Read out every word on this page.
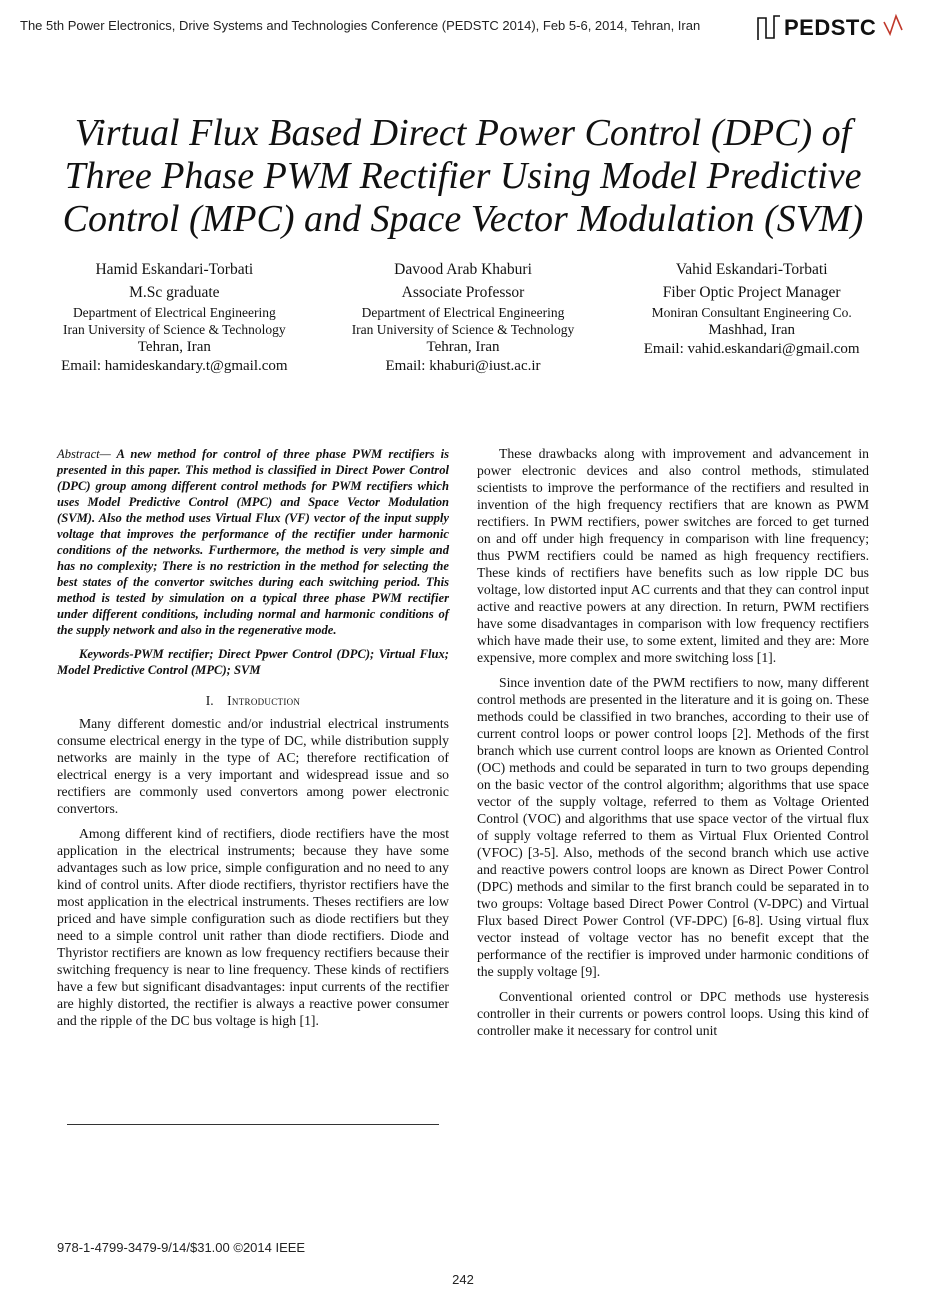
The 5th Power Electronics, Drive Systems and Technologies Conference (PEDSTC 2014), Feb 5-6, 2014, Tehran, Iran	PEDSTC
Virtual Flux Based Direct Power Control (DPC) of Three Phase PWM Rectifier Using Model Predictive Control (MPC) and Space Vector Modulation (SVM)
Hamid Eskandari-Torbati
M.Sc graduate
Department of Electrical Engineering
Iran University of Science & Technology
Tehran, Iran
Email: hamideskandary.t@gmail.com
Davood Arab Khaburi
Associate Professor
Department of Electrical Engineering
Iran University of Science & Technology
Tehran, Iran
Email: khaburi@iust.ac.ir
Vahid Eskandari-Torbati
Fiber Optic Project Manager
Moniran Consultant Engineering Co.
Mashhad, Iran
Email: vahid.eskandari@gmail.com

Abstract— A new method for control of three phase PWM rectifiers is presented in this paper. This method is classified in Direct Power Control (DPC) group among different control methods for PWM rectifiers which uses Model Predictive Control (MPC) and Space Vector Modulation (SVM). Also the method uses Virtual Flux (VF) vector of the input supply voltage that improves the performance of the rectifier under harmonic conditions of the networks. Furthermore, the method is very simple and has no complexity; There is no restriction in the method for selecting the best states of the convertor switches during each switching period. This method is tested by simulation on a typical three phase PWM rectifier under different conditions, including normal and harmonic conditions of the supply network and also in the regenerative mode.

Keywords-PWM rectifier; Direct Ppwer Control (DPC); Virtual Flux; Model Predictive Control (MPC); SVM

I. Introduction

Many different domestic and/or industrial electrical instruments consume electrical energy in the type of DC, while distribution supply networks are mainly in the type of AC; therefore rectification of electrical energy is a very important and widespread issue and so rectifiers are commonly used convertors among power electronic convertors.

Among different kind of rectifiers, diode rectifiers have the most application in the electrical instruments; because they have some advantages such as low price, simple configuration and no need to any kind of control units. After diode rectifiers, thyristor rectifiers have the most application in the electrical instruments. Theses rectifiers are low priced and have simple configuration such as diode rectifiers but they need to a simple control unit rather than diode rectifiers. Diode and Thyristor rectifiers are known as low frequency rectifiers because their switching frequency is near to line frequency. These kinds of rectifiers have a few but significant disadvantages: input currents of the rectifier are highly distorted, the rectifier is always a reactive power consumer and the ripple of the DC bus voltage is high [1].

These drawbacks along with improvement and advancement in power electronic devices and also control methods, stimulated scientists to improve the performance of the rectifiers and resulted in invention of the high frequency rectifiers that are known as PWM rectifiers. In PWM rectifiers, power switches are forced to get turned on and off under high frequency in comparison with line frequency; thus PWM rectifiers could be named as high frequency rectifiers. These kinds of rectifiers have benefits such as low ripple DC bus voltage, low distorted input AC currents and that they can control input active and reactive powers at any direction. In return, PWM rectifiers have some disadvantages in comparison with low frequency rectifiers which have made their use, to some extent, limited and they are: More expensive, more complex and more switching loss [1].

Since invention date of the PWM rectifiers to now, many different control methods are presented in the literature and it is going on. These methods could be classified in two branches, according to their use of current control loops or power control loops [2]. Methods of the first branch which use current control loops are known as Oriented Control (OC) methods and could be separated in turn to two groups depending on the basic vector of the control algorithm; algorithms that use space vector of the supply voltage, referred to them as Voltage Oriented Control (VOC) and algorithms that use space vector of the virtual flux of supply voltage referred to them as Virtual Flux Oriented Control (VFOC) [3-5]. Also, methods of the second branch which use active and reactive powers control loops are known as Direct Power Control (DPC) methods and similar to the first branch could be separated in to two groups: Voltage based Direct Power Control (V-DPC) and Virtual Flux based Direct Power Control (VF-DPC) [6-8]. Using virtual flux vector instead of voltage vector has no benefit except that the performance of the rectifier is improved under harmonic conditions of the supply voltage [9].

Conventional oriented control or DPC methods use hysteresis controller in their currents or powers control loops. Using this kind of controller make it necessary for control unit

978-1-4799-3479-9/14/$31.00 ©2014 IEEE
242
